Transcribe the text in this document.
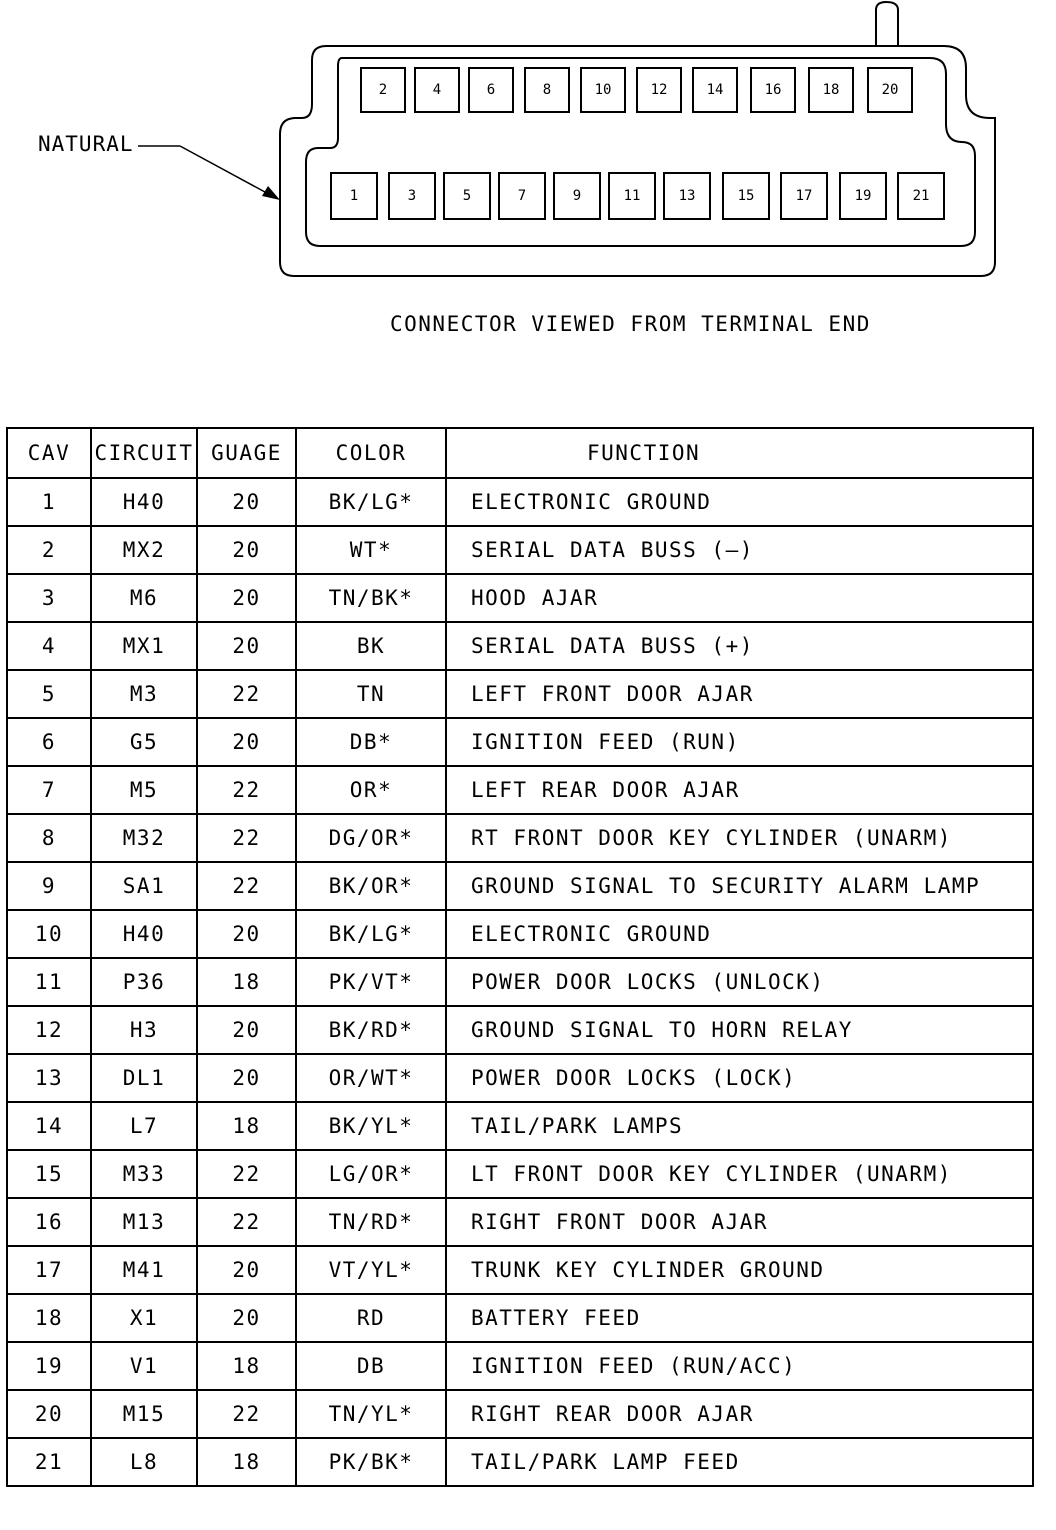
NATURAL
2	4	6	8	10	12	14	16	18	20
1	3	5	7	9	11	13	15	17	19	21
CONNECTOR VIEWED FROM TERMINAL END
CAV	CIRCUIT	GUAGE	COLOR	FUNCTION
1	H40	20	BK/LG*	ELECTRONIC GROUND
2	MX2	20	WT*	SERIAL DATA BUSS (—)
3	M6	20	TN/BK*	HOOD AJAR
4	MX1	20	BK	SERIAL DATA BUSS (+)
5	M3	22	TN	LEFT FRONT DOOR AJAR
6	G5	20	DB*	IGNITION FEED (RUN)
7	M5	22	OR*	LEFT REAR DOOR AJAR
8	M32	22	DG/OR*	RT FRONT DOOR KEY CYLINDER (UNARM)
9	SA1	22	BK/OR*	GROUND SIGNAL TO SECURITY ALARM LAMP
10	H40	20	BK/LG*	ELECTRONIC GROUND
11	P36	18	PK/VT*	POWER DOOR LOCKS (UNLOCK)
12	H3	20	BK/RD*	GROUND SIGNAL TO HORN RELAY
13	DL1	20	OR/WT*	POWER DOOR LOCKS (LOCK)
14	L7	18	BK/YL*	TAIL/PARK LAMPS
15	M33	22	LG/OR*	LT FRONT DOOR KEY CYLINDER (UNARM)
16	M13	22	TN/RD*	RIGHT FRONT DOOR AJAR
17	M41	20	VT/YL*	TRUNK KEY CYLINDER GROUND
18	X1	20	RD	BATTERY FEED
19	V1	18	DB	IGNITION FEED (RUN/ACC)
20	M15	22	TN/YL*	RIGHT REAR DOOR AJAR
21	L8	18	PK/BK*	TAIL/PARK LAMP FEED
